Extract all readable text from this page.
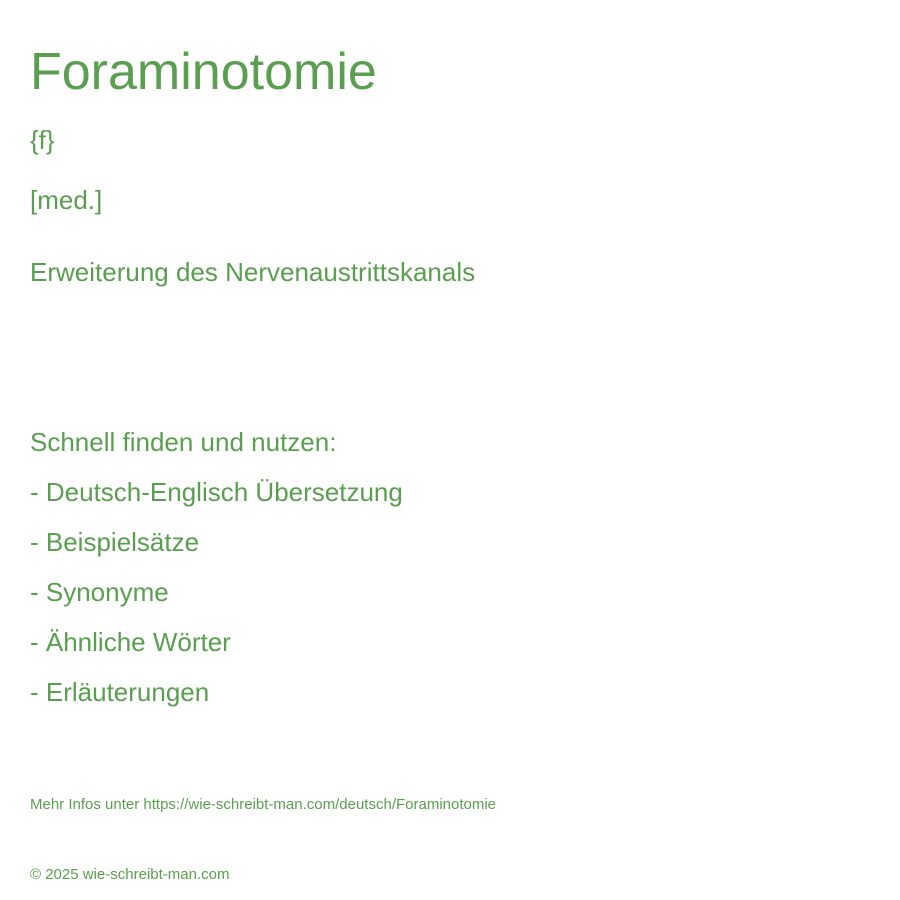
Foraminotomie
{f}
[med.]
Erweiterung des Nervenaustrittskanals
Schnell finden und nutzen:
- Deutsch-Englisch Übersetzung
- Beispielsätze
- Synonyme
- Ähnliche Wörter
- Erläuterungen
Mehr Infos unter https://wie-schreibt-man.com/deutsch/Foraminotomie
© 2025 wie-schreibt-man.com
